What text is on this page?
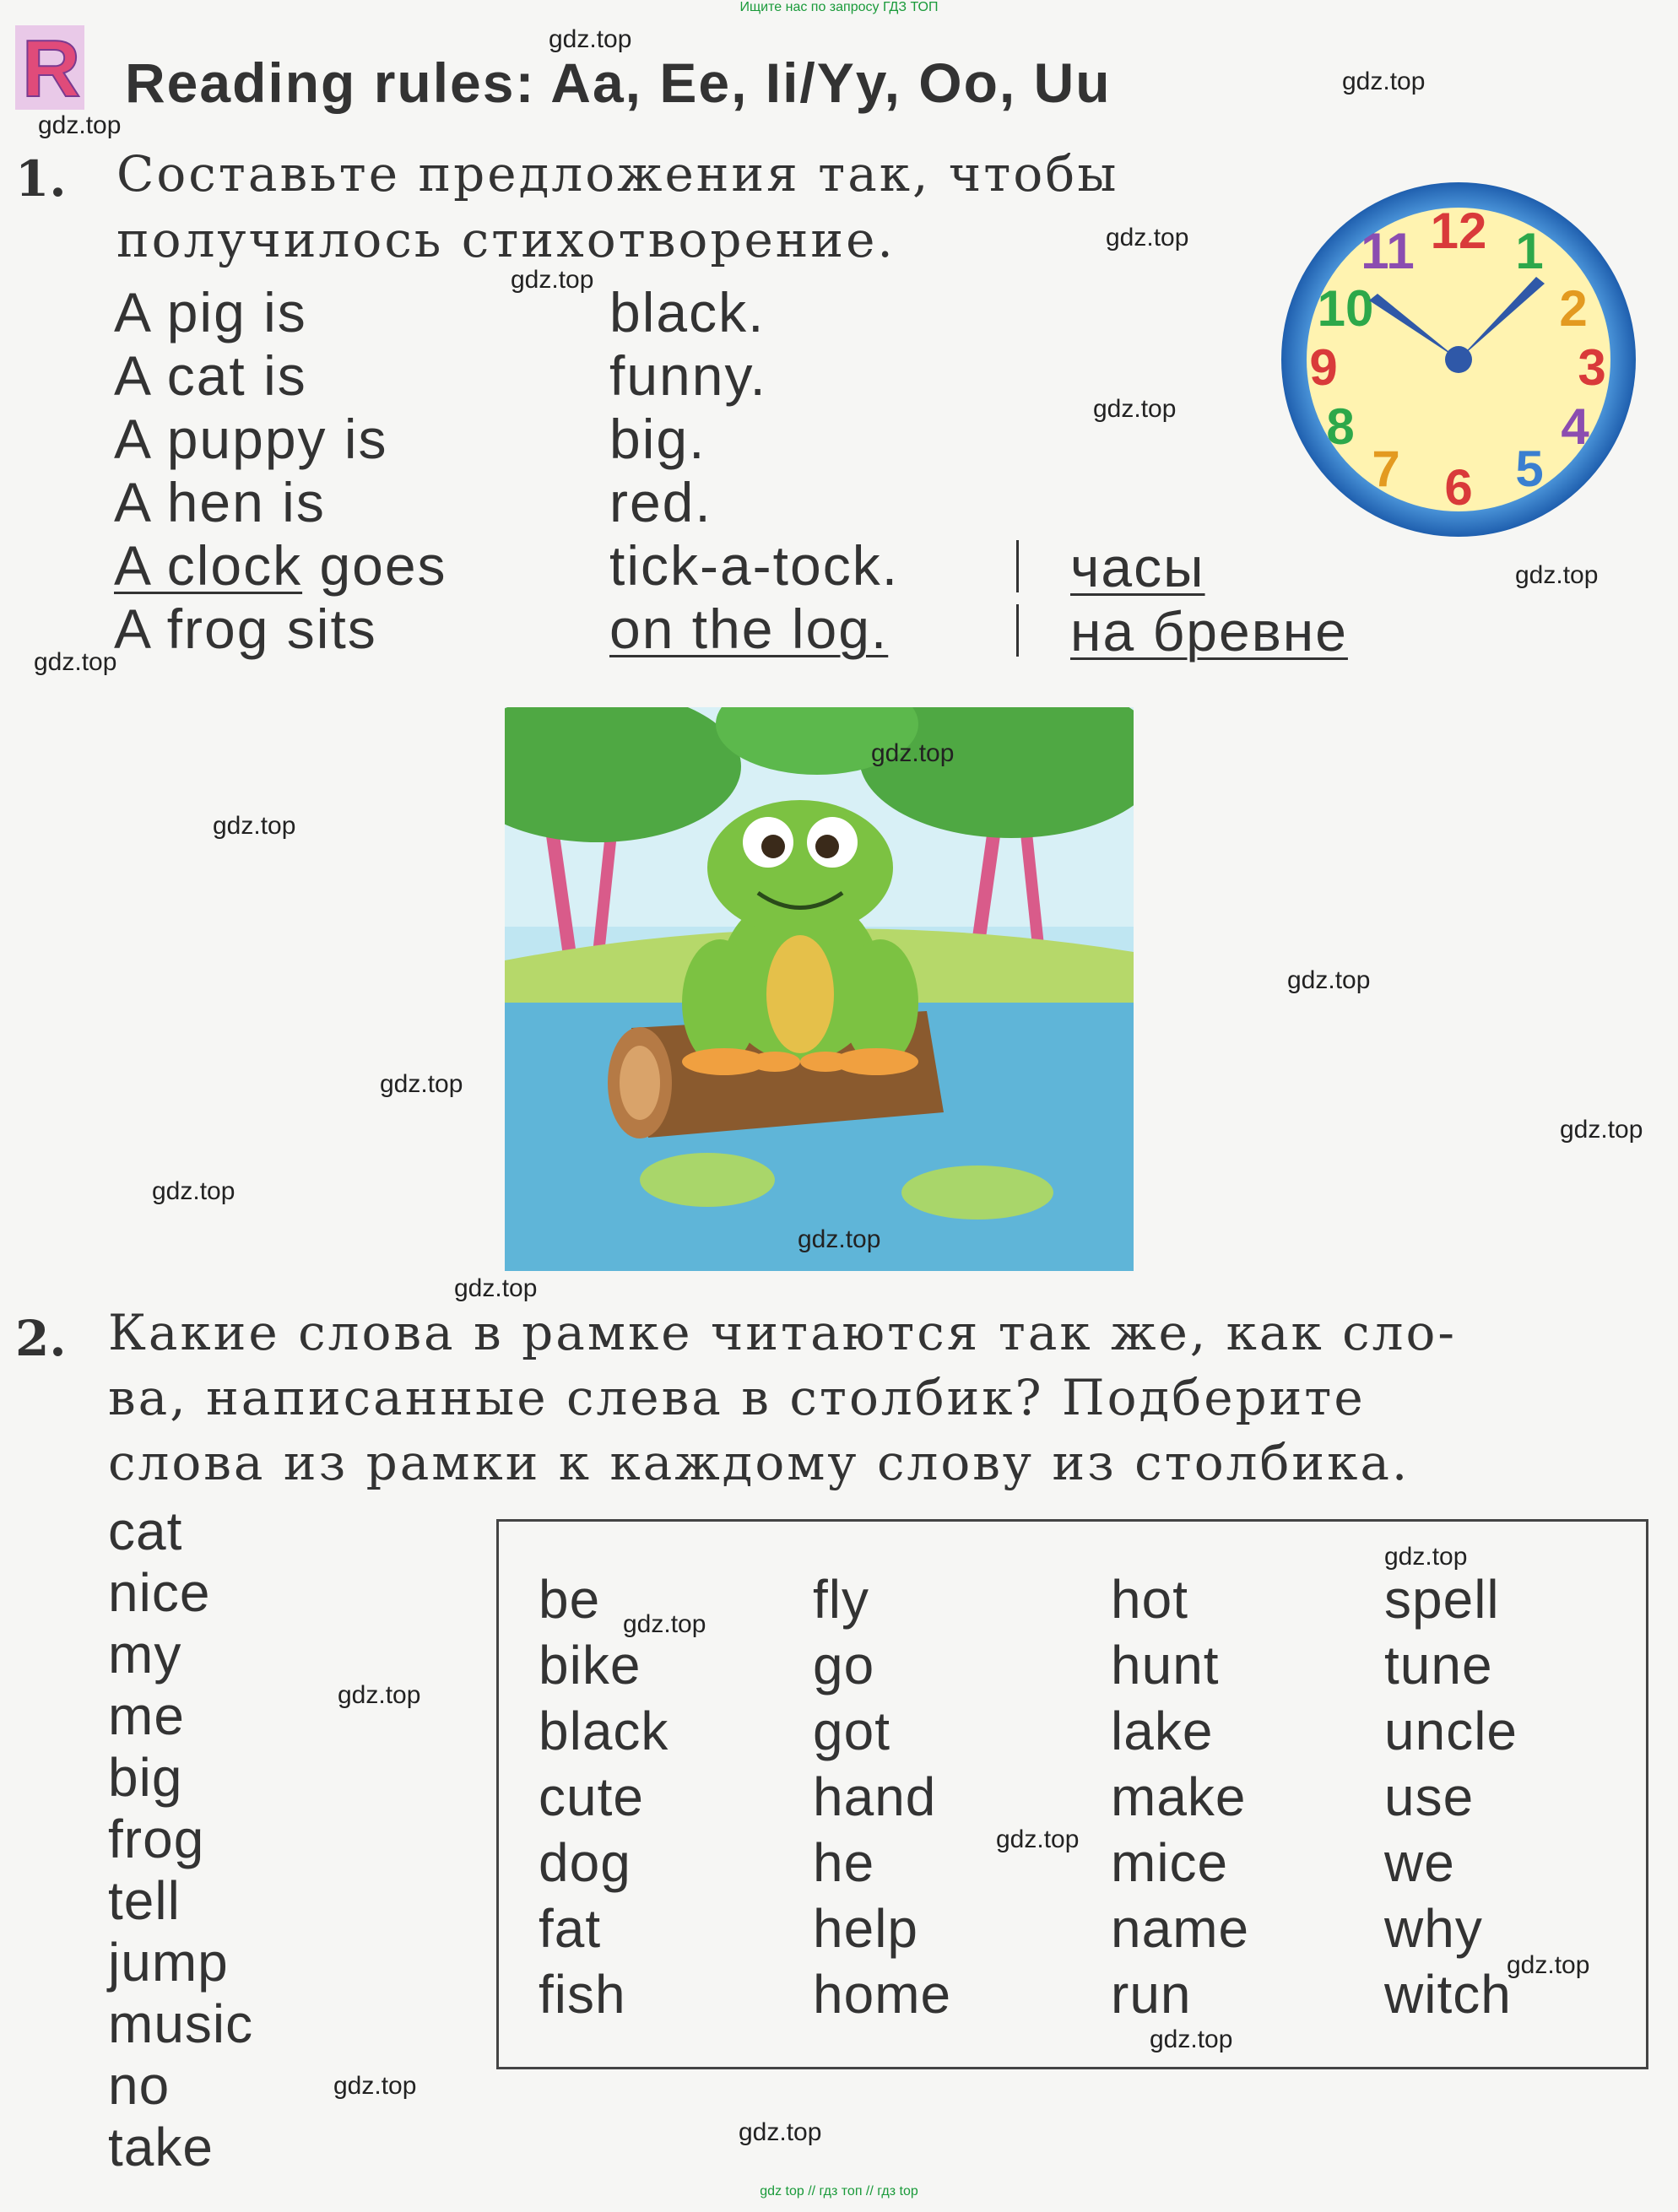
Ищите нас по запросу ГДЗ ТОП
R Reading rules: Aa, Ee, Ii/Yy, Oo, Uu
1. Составьте предложения так, чтобы
получилось стихотворение.
A pig is
A cat is
A puppy is
A hen is
A clock goes
A frog sits
black.
funny.
big.
red.
tick-a-tock.
on the log.
часы
на бревне
12 1
2
3
4
5
6
7
8
9
10
11
2. Какие слова в рамке читаются так же, как сло-
ва, написанные слева в столбик? Подберите
слова из рамки к каждому слову из столбика.
cat
nice
my
me
big
frog
tell
jump
music
no
take
be
bike
black
cute
dog
fat
fish
fly
go
got
hand
he
help
home
hot
hunt
lake
make
mice
name
run
spell
tune
uncle
use
we
why
witch
gdz.top
gdz.top
gdz.top
gdz.top
gdz.top
gdz.top
gdz.top
gdz.top
gdz.top
gdz.top
gdz.top
gdz.top
gdz.top
gdz.top
gdz.top
gdz.top
gdz.top
gdz.top
gdz.top
gdz.top
gdz.top
gdz.top
gdz.top
gdz.top
gdz top // гдз топ // гдз top
